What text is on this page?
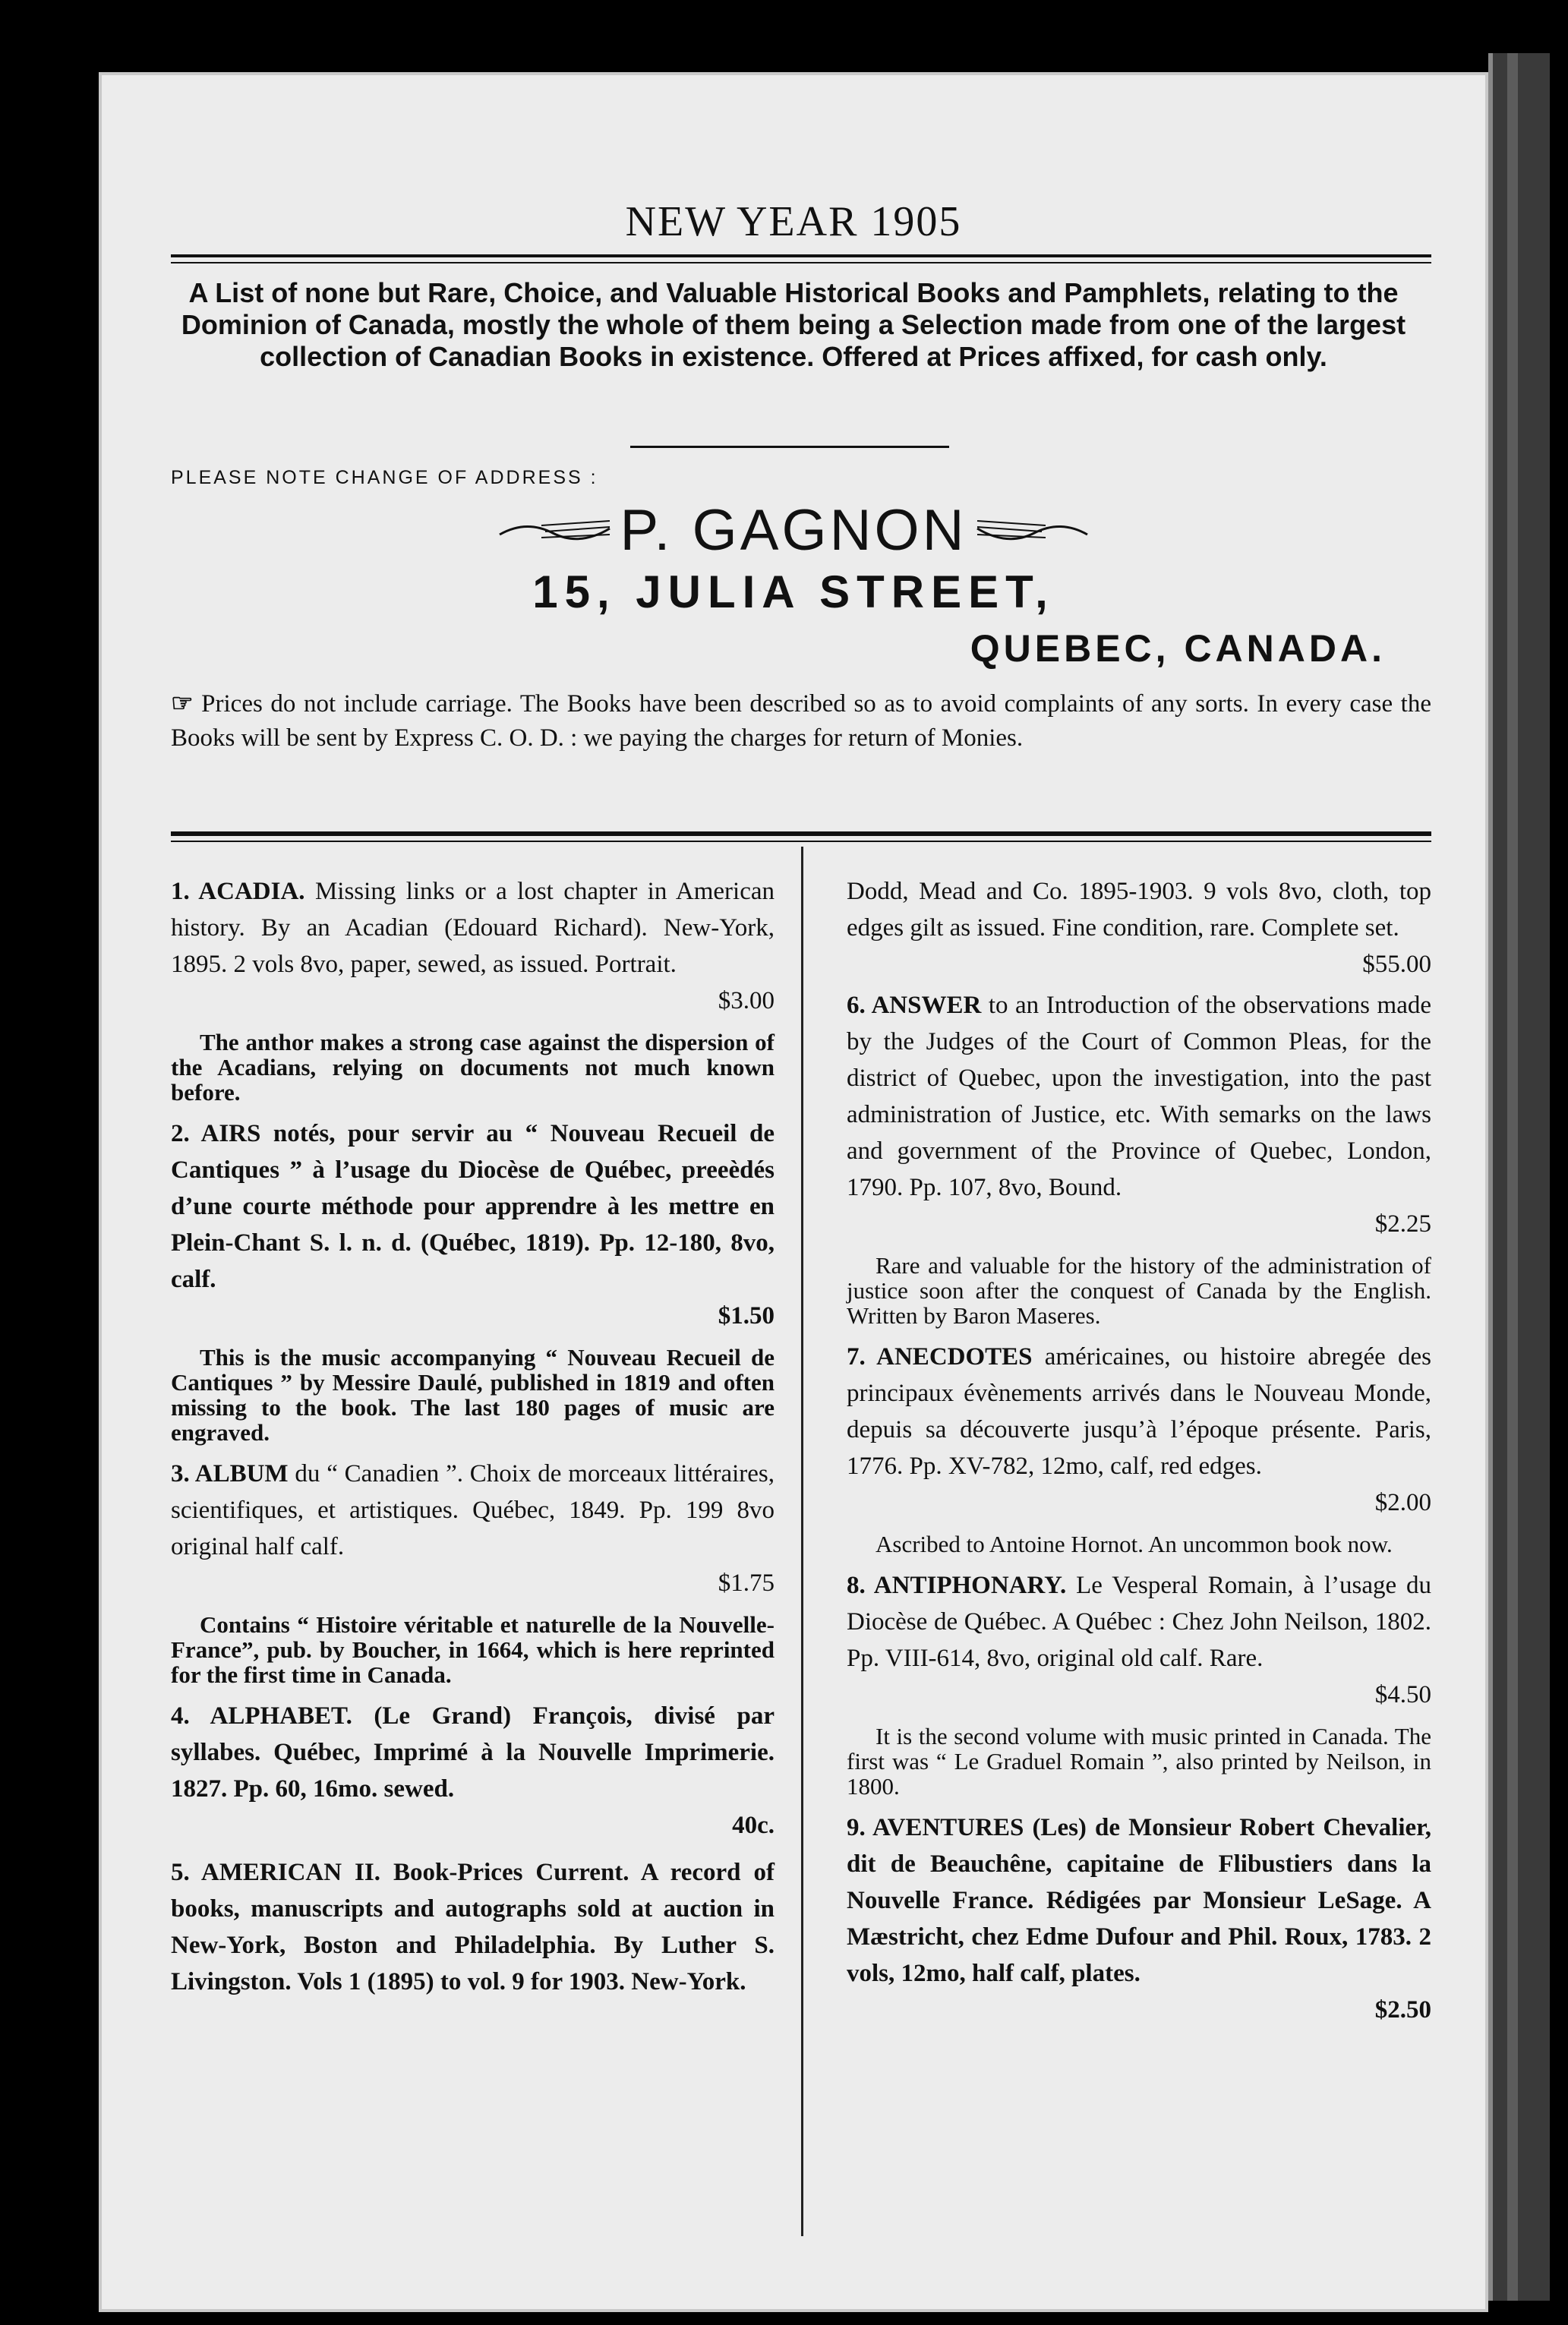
NEW YEAR 1905
A List of none but Rare, Choice, and Valuable Historical Books and Pamphlets, relating to the Dominion of Canada, mostly the whole of them being a Selection made from one of the largest collection of Canadian Books in existence. Offered at Prices affixed, for cash only.
PLEASE NOTE CHANGE OF ADDRESS :
P. GAGNON
15, JULIA STREET,
QUEBEC, CANADA.
☞ Prices do not include carriage. The Books have been described so as to avoid complaints of any sorts. In every case the Books will be sent by Express C. O. D. : we paying the charges for return of Monies.
1. ACADIA. Missing links or a lost chapter in American history. By an Acadian (Edouard Richard). New-York, 1895. 2 vols 8vo, paper, sewed, as issued. Portrait.
$3.00
The anthor makes a strong case against the dispersion of the Acadians, relying on documents not much known before.
2. AIRS notés, pour servir au “ Nouveau Recueil de Cantiques ” à l’usage du Diocèse de Québec, preeèdés d’une courte méthode pour apprendre à les mettre en Plein-Chant S. l. n. d. (Québec, 1819). Pp. 12-180, 8vo, calf.
$1.50
This is the music accompanying “ Nouveau Recueil de Cantiques ” by Messire Daulé, published in 1819 and often missing to the book. The last 180 pages of music are engraved.
3. ALBUM du “ Canadien ”. Choix de morceaux littéraires, scientifiques, et artistiques. Québec, 1849. Pp. 199 8vo original half calf.
$1.75
Contains “ Histoire véritable et naturelle de la Nouvelle-France”, pub. by Boucher, in 1664, which is here reprinted for the first time in Canada.
4. ALPHABET. (Le Grand) François, divisé par syllabes. Québec, Imprimé à la Nouvelle Imprimerie. 1827. Pp. 60, 16mo. sewed.
40c.
5. AMERICAN II. Book-Prices Current. A record of books, manuscripts and autographs sold at auction in New-York, Boston and Philadelphia. By Luther S. Livingston. Vols 1 (1895) to vol. 9 for 1903. New-York.
Dodd, Mead and Co. 1895-1903. 9 vols 8vo, cloth, top edges gilt as issued. Fine condition, rare. Complete set.
$55.00
6. ANSWER to an Introduction of the observations made by the Judges of the Court of Common Pleas, for the district of Quebec, upon the investigation, into the past administration of Justice, etc. With semarks on the laws and government of the Province of Quebec, London, 1790. Pp. 107, 8vo, Bound.
$2.25
Rare and valuable for the history of the administration of justice soon after the conquest of Canada by the English. Written by Baron Maseres.
7. ANECDOTES américaines, ou histoire abregée des principaux évènements arrivés dans le Nouveau Monde, depuis sa découverte jusqu’à l’époque présente. Paris, 1776. Pp. XV-782, 12mo, calf, red edges.
$2.00
Ascribed to Antoine Hornot. An uncommon book now.
8. ANTIPHONARY. Le Vesperal Romain, à l’usage du Diocèse de Québec. A Québec : Chez John Neilson, 1802. Pp. VIII-614, 8vo, original old calf. Rare.
$4.50
It is the second volume with music printed in Canada. The first was “ Le Graduel Romain ”, also printed by Neilson, in 1800.
9. AVENTURES (Les) de Monsieur Robert Chevalier, dit de Beauchêne, capitaine de Flibustiers dans la Nouvelle France. Rédigées par Monsieur LeSage. A Mæstricht, chez Edme Dufour and Phil. Roux, 1783. 2 vols, 12mo, half calf, plates.
$2.50
